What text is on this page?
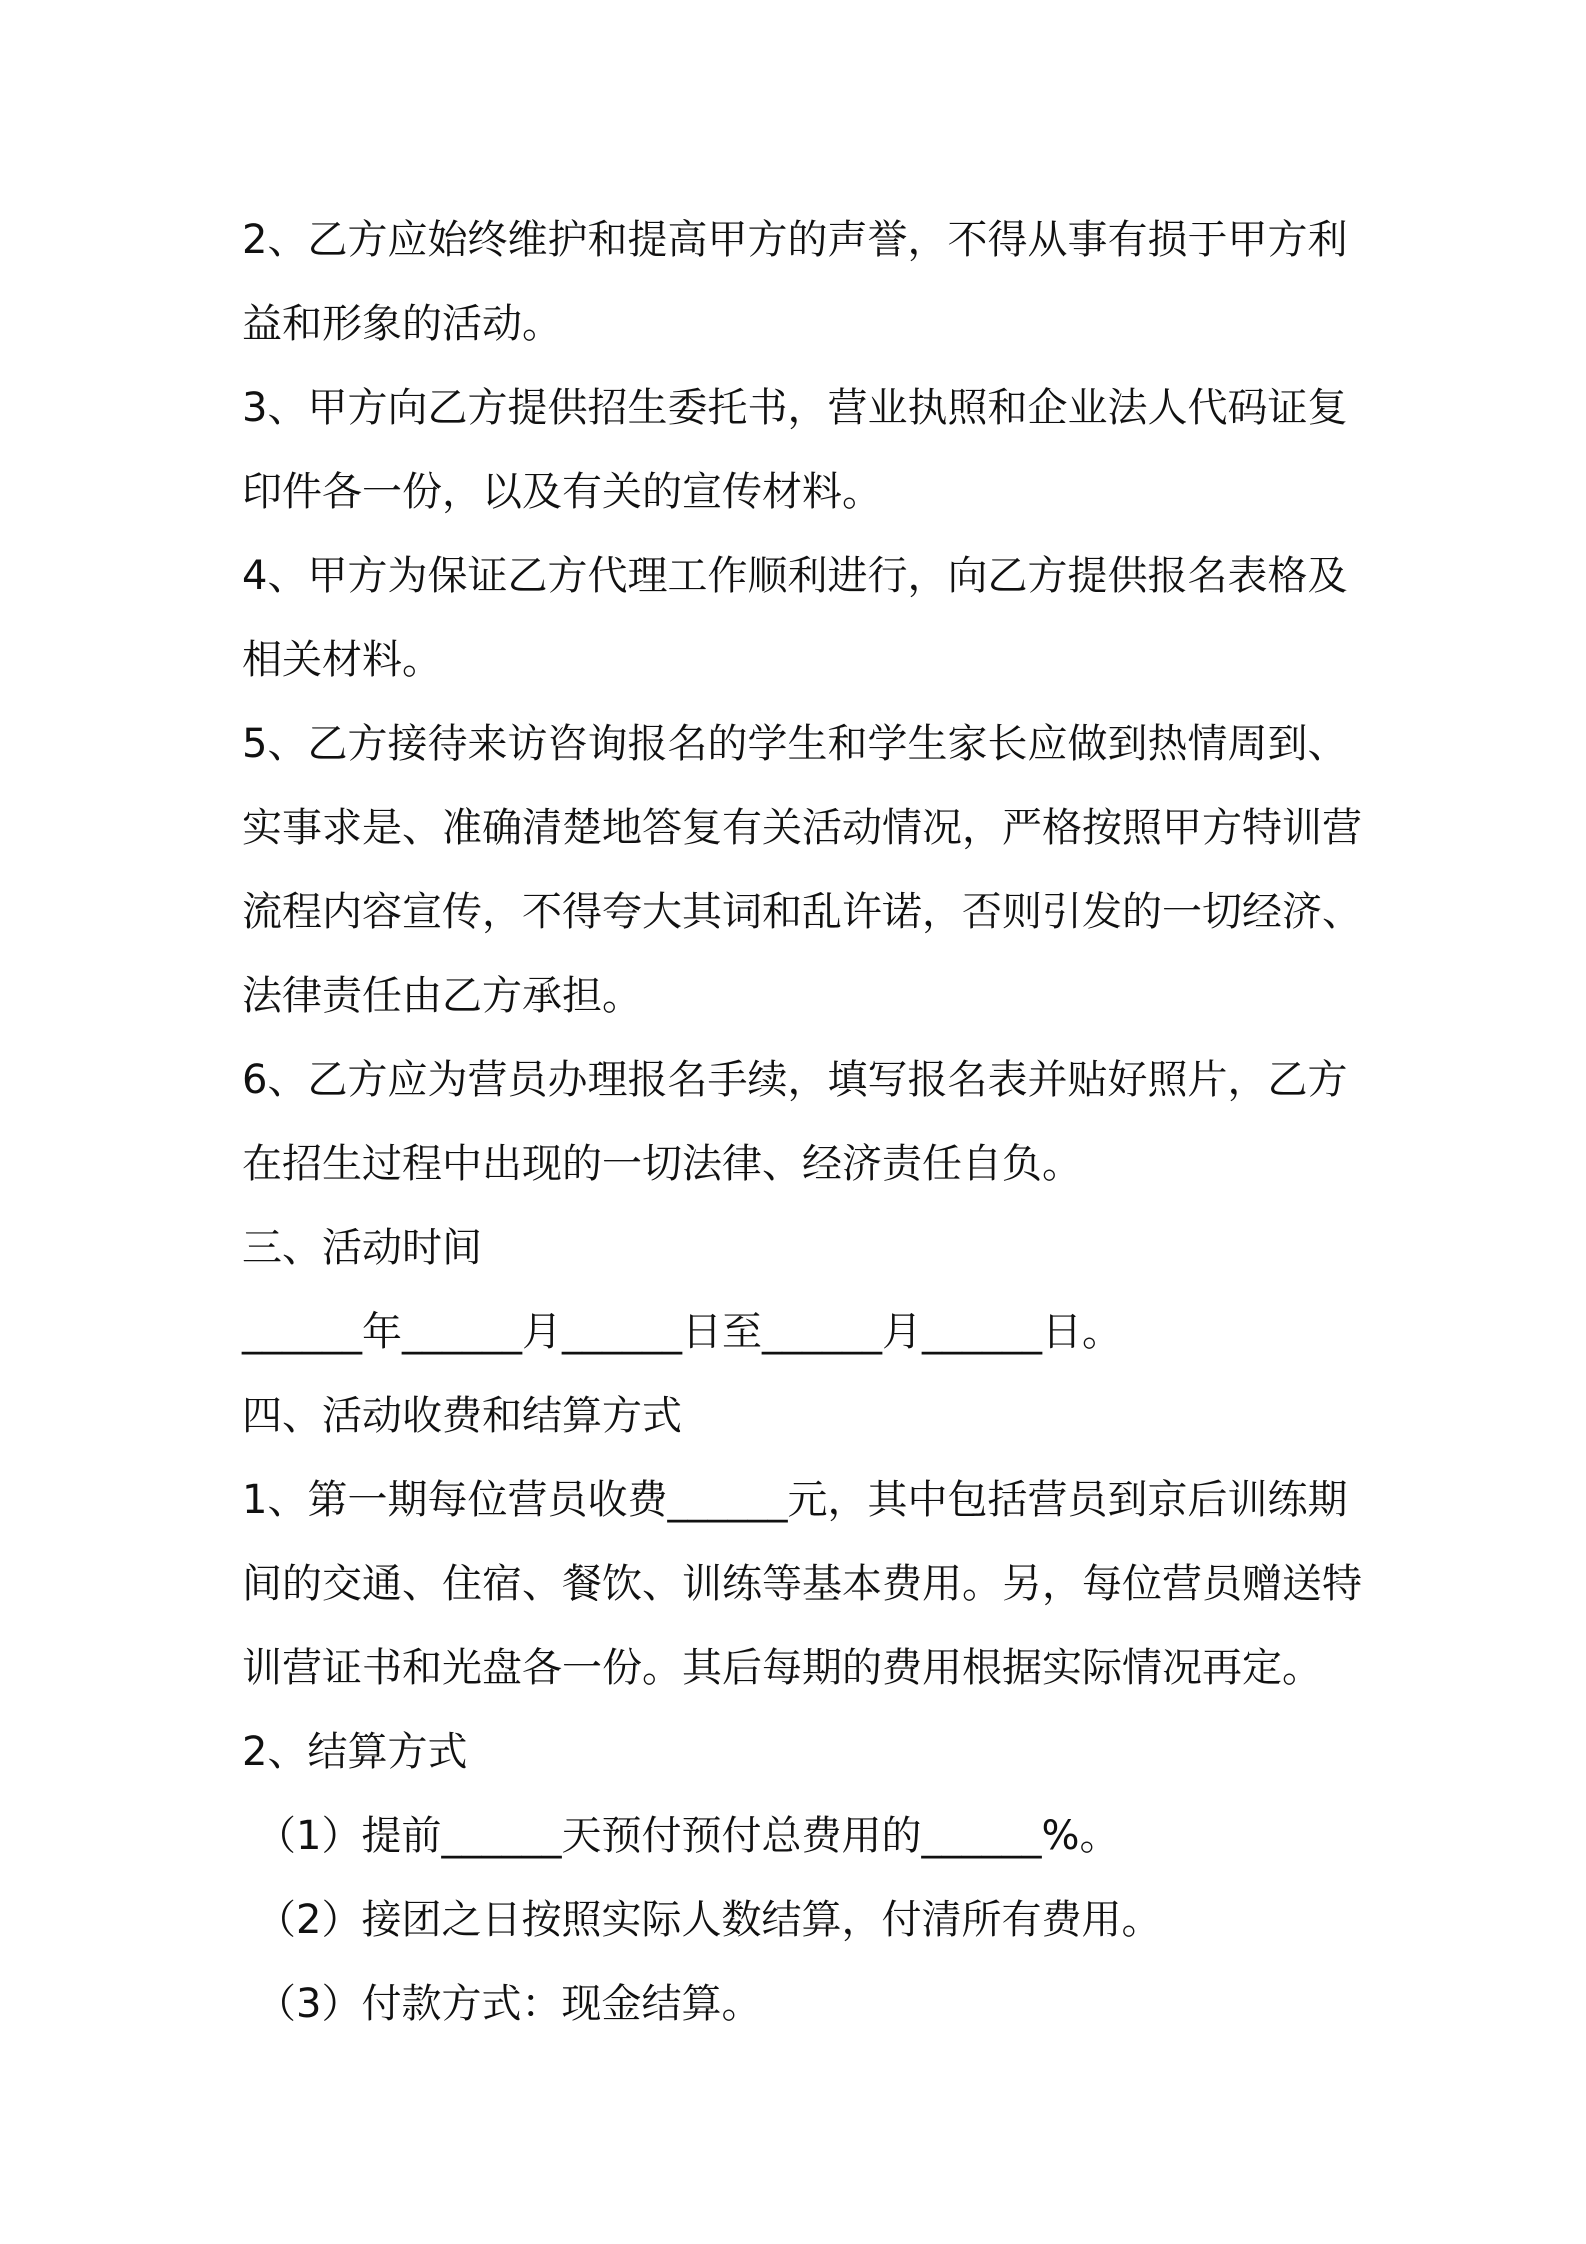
2、乙方应始终维护和提高甲方的声誉，不得从事有损于甲方利
益和形象的活动。
3、甲方向乙方提供招生委托书，营业执照和企业法人代码证复
印件各一份，以及有关的宣传材料。
4、甲方为保证乙方代理工作顺利进行，向乙方提供报名表格及
相关材料。
5、乙方接待来访咨询报名的学生和学生家长应做到热情周到、
实事求是、准确清楚地答复有关活动情况，严格按照甲方特训营
流程内容宣传，不得夸大其词和乱许诺，否则引发的一切经济、
法律责任由乙方承担。
6、乙方应为营员办理报名手续，填写报名表并贴好照片，乙方
在招生过程中出现的一切法律、经济责任自负。
三、活动时间
______年______月______日至______月______日。
四、活动收费和结算方式
1、第一期每位营员收费______元，其中包括营员到京后训练期
间的交通、住宿、餐饮、训练等基本费用。另，每位营员赠送特
训营证书和光盘各一份。其后每期的费用根据实际情况再定。
2、结算方式
（1）提前______天预付预付总费用的______%。
（2）接团之日按照实际人数结算，付清所有费用。
（3）付款方式：现金结算。
